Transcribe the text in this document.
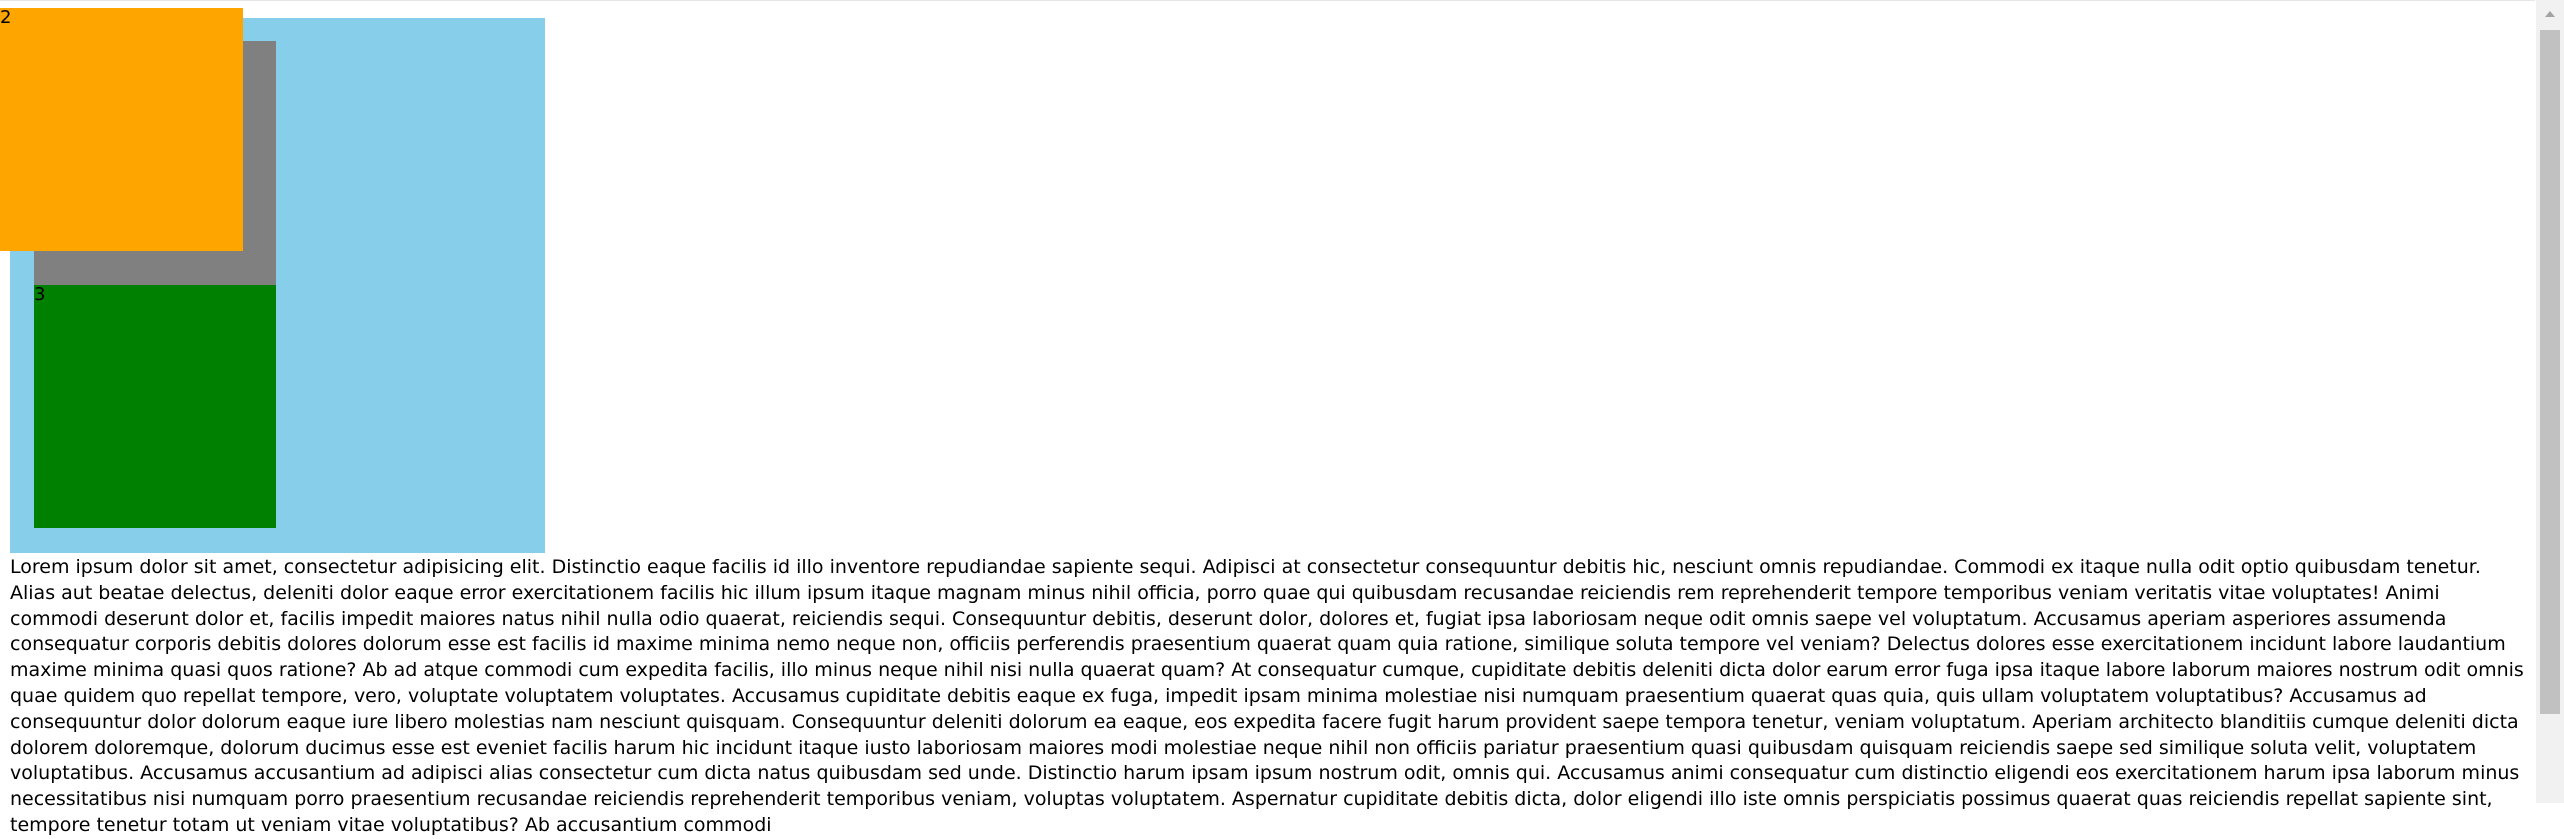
3
2

Lorem ipsum dolor sit amet, consectetur adipisicing elit. Distinctio eaque facilis id illo inventore repudiandae sapiente sequi. Adipisci at consectetur consequuntur debitis hic, nesciunt omnis repudiandae. Commodi ex itaque nulla odit optio quibusdam tenetur. Alias aut beatae delectus, deleniti dolor eaque error exercitationem facilis hic illum ipsum itaque magnam minus nihil officia, porro quae qui quibusdam recusandae reiciendis rem reprehenderit tempore temporibus veniam veritatis vitae voluptates! Animi commodi deserunt dolor et, facilis impedit maiores natus nihil nulla odio quaerat, reiciendis sequi. Consequuntur debitis, deserunt dolor, dolores et, fugiat ipsa laboriosam neque odit omnis saepe vel voluptatum. Accusamus aperiam asperiores assumenda consequatur corporis debitis dolores dolorum esse est facilis id maxime minima nemo neque non, officiis perferendis praesentium quaerat quam quia ratione, similique soluta tempore vel veniam? Delectus dolores esse exercitationem incidunt labore laudantium maxime minima quasi quos ratione? Ab ad atque commodi cum expedita facilis, illo minus neque nihil nisi nulla quaerat quam? At consequatur cumque, cupiditate debitis deleniti dicta dolor earum error fuga ipsa itaque labore laborum maiores nostrum odit omnis quae quidem quo repellat tempore, vero, voluptate voluptatem voluptates. Accusamus cupiditate debitis eaque ex fuga, impedit ipsam minima molestiae nisi numquam praesentium quaerat quas quia, quis ullam voluptatem voluptatibus? Accusamus ad consequuntur dolor dolorum eaque iure libero molestias nam nesciunt quisquam. Consequuntur deleniti dolorum ea eaque, eos expedita facere fugit harum provident saepe tempora tenetur, veniam voluptatum. Aperiam architecto blanditiis cumque deleniti dicta dolorem doloremque, dolorum ducimus esse est eveniet facilis harum hic incidunt itaque iusto laboriosam maiores modi molestiae neque nihil non officiis pariatur praesentium quasi quibusdam quisquam reiciendis saepe sed similique soluta velit, voluptatem voluptatibus. Accusamus accusantium ad adipisci alias consectetur cum dicta natus quibusdam sed unde. Distinctio harum ipsam ipsum nostrum odit, omnis qui. Accusamus animi consequatur cum distinctio eligendi eos exercitationem harum ipsa laborum minus necessitatibus nisi numquam porro praesentium recusandae reiciendis reprehenderit temporibus veniam, voluptas voluptatem. Aspernatur cupiditate debitis dicta, dolor eligendi illo iste omnis perspiciatis possimus quaerat quas reiciendis repellat sapiente sint, tempore tenetur totam ut veniam vitae voluptatibus? Ab accusantium commodi
